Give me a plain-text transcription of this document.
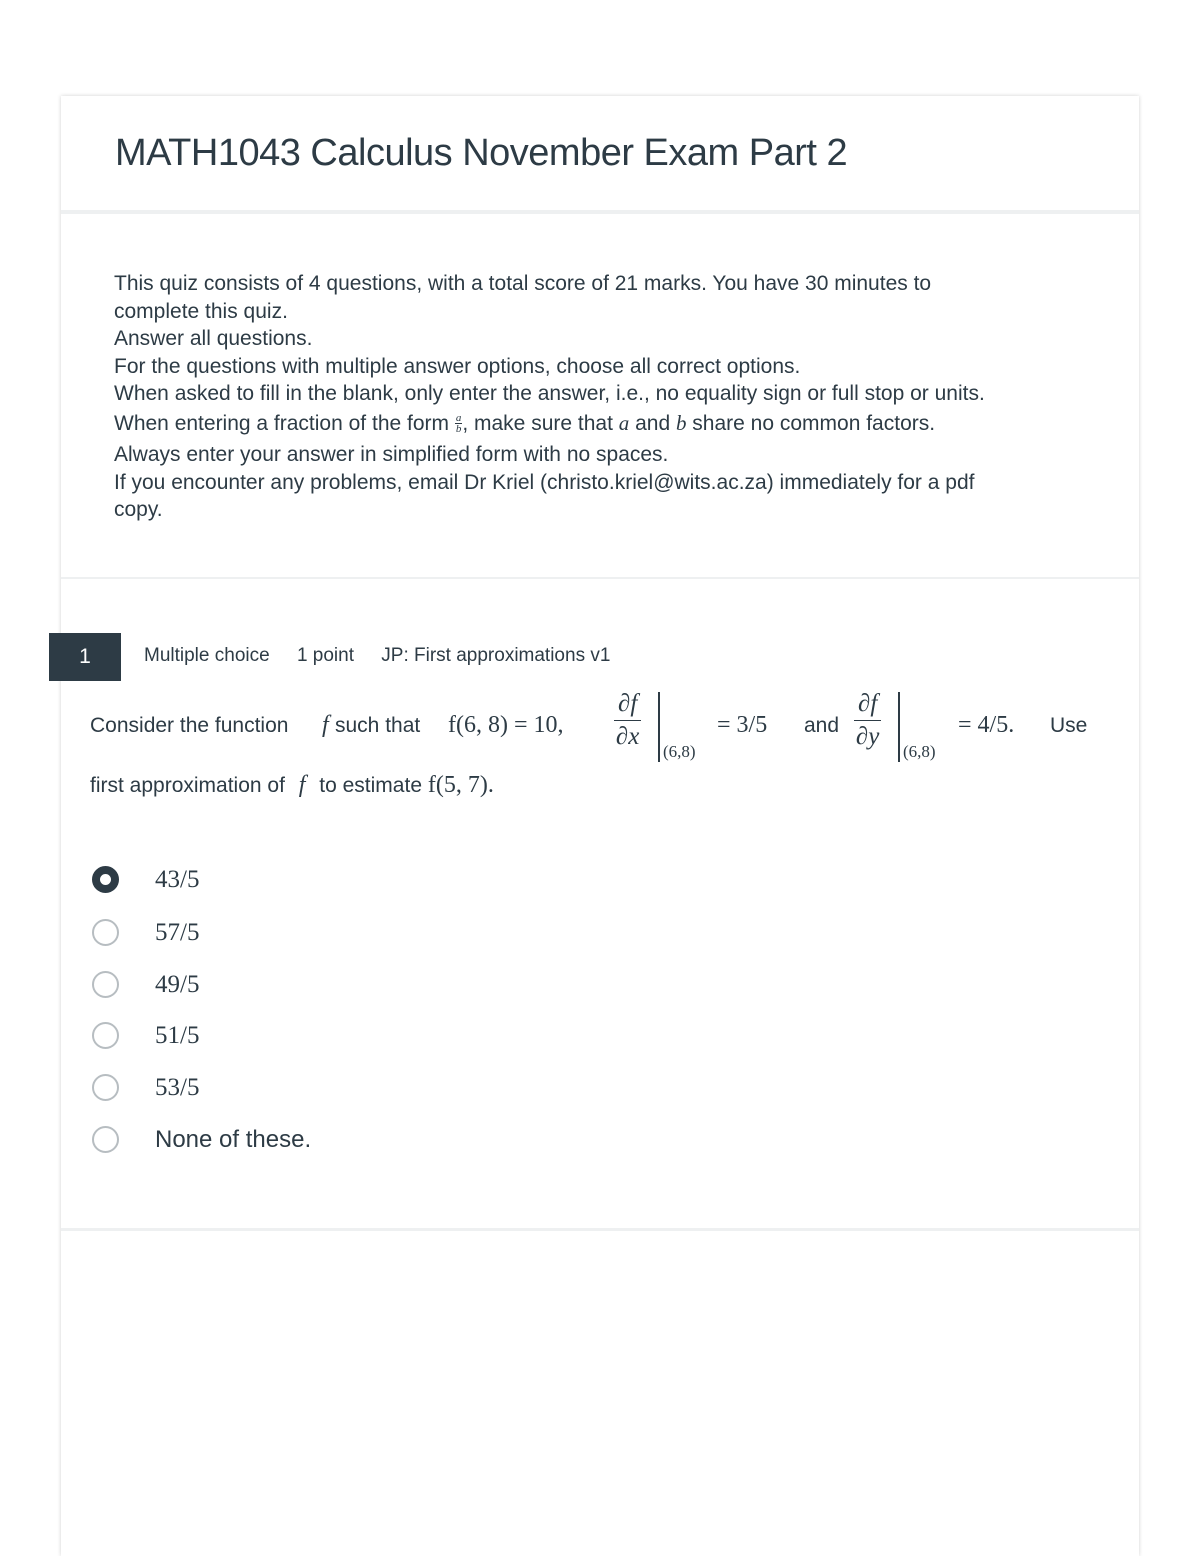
MATH1043 Calculus November Exam Part 2

This quiz consists of 4 questions, with a total score of 21 marks. You have 30 minutes to

complete this quiz.

Answer all questions.

For the questions with multiple answer options, choose all correct options.

When asked to fill in the blank, only enter the answer, i.e., no equality sign or full stop or units.

When entering a fraction of the form $\frac{a}{b}$ , make sure that a and b share no common factors.

Always enter your answer in simplified form with no spaces.

If you encounter any problems, email Dr Kriel (christo.kriel@wits.ac.za) immediately for a pdf

copy.

1	Multiple choice 1 point JP: First approximations v1
Consider the function f such that f(6, 8) = 10, $\frac{\partial f}{\partial x}$
(6,8)
= 3/5 and $\frac{\partial f}{\partial y}$
(6,8)
= 4/5. Use
first approximation of f to estimate f(5, 7).
43/5
57/5
49/5
51/5
53/5
None of these.
